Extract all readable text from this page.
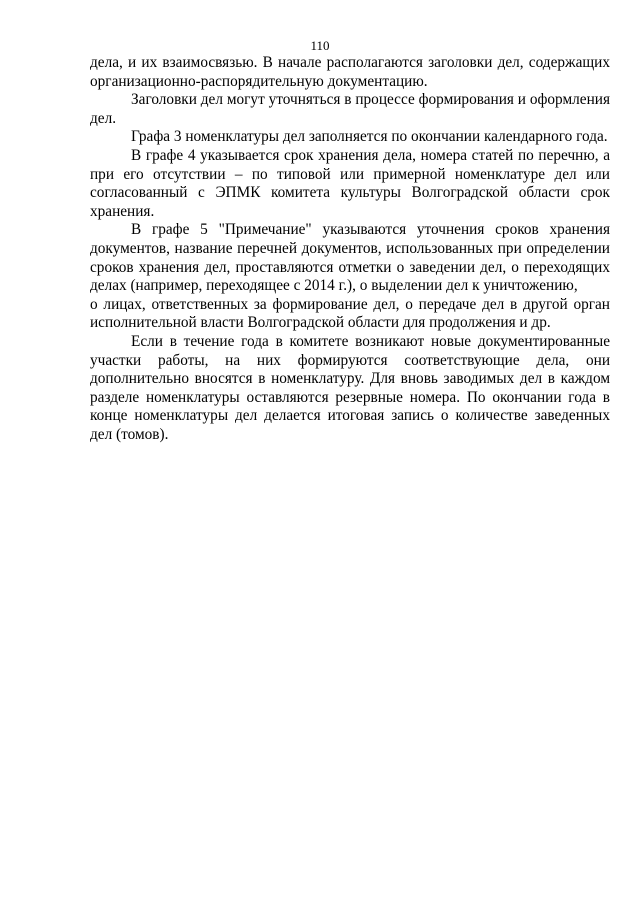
110

дела, и их взаимосвязью. В начале располагаются заголовки дел, содержащих организационно-распорядительную документацию.

Заголовки дел могут уточняться в процессе формирования и оформления дел.

Графа 3 номенклатуры дел заполняется по окончании календарного года.

В графе 4 указывается срок хранения дела, номера статей по перечню, а при его отсутствии – по типовой или примерной номенклатуре дел или согласованный с ЭПМК комитета культуры Волгоградской области срок хранения.

В графе 5 "Примечание" указываются уточнения сроков хранения документов, название перечней документов, использованных при определении сроков хранения дел, проставляются отметки о заведении дел, о переходящих делах (например, переходящее с 2014 г.), о выделении дел к уничтожению,

о лицах, ответственных за формирование дел, о передаче дел в другой орган исполнительной власти Волгоградской области для продолжения и др.

Если в течение года в комитете возникают новые документированные участки работы, на них формируются соответствующие дела, они дополнительно вносятся в номенклатуру. Для вновь заводимых дел в каждом разделе номенклатуры оставляются резервные номера. По окончании года в конце номенклатуры дел делается итоговая запись о количестве заведенных дел (томов).
